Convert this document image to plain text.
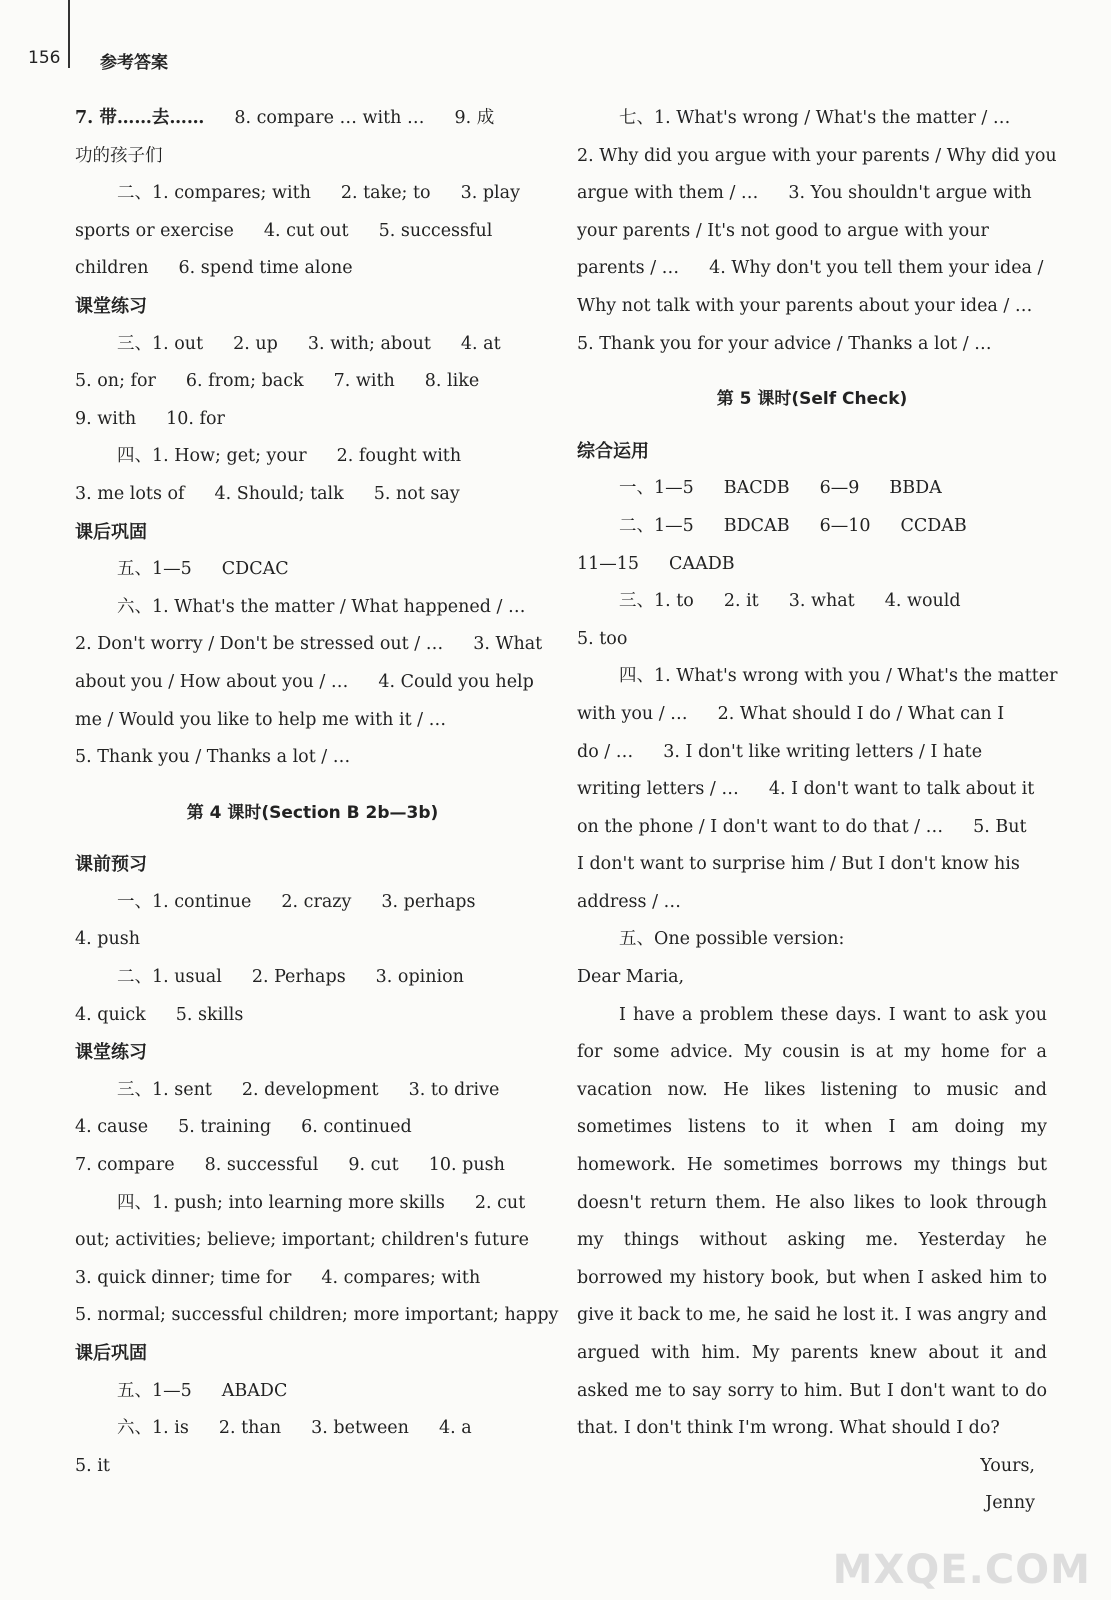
156 参考答案
7. 带……去…… 8. compare … with … 9. 成
功的孩子们
二、1. compares; with 2. take; to 3. play
sports or exercise 4. cut out 5. successful
children 6. spend time alone
课堂练习
三、1. out 2. up 3. with; about 4. at
5. on; for 6. from; back 7. with 8. like
9. with 10. for
四、1. How; get; your 2. fought with
3. me lots of 4. Should; talk 5. not say
课后巩固
五、1—5 CDCAC
六、1. What's the matter / What happened / …
2. Don't worry / Don't be stressed out / … 3. What
about you / How about you / … 4. Could you help
me / Would you like to help me with it / …
5. Thank you / Thanks a lot / …
第 4 课时(Section B 2b—3b)
课前预习
一、1. continue 2. crazy 3. perhaps
4. push
二、1. usual 2. Perhaps 3. opinion
4. quick 5. skills
课堂练习
三、1. sent 2. development 3. to drive
4. cause 5. training 6. continued
7. compare 8. successful 9. cut 10. push
四、1. push; into learning more skills 2. cut
out; activities; believe; important; children's future
3. quick dinner; time for 4. compares; with
5. normal; successful children; more important; happy
课后巩固
五、1—5 ABADC
六、1. is 2. than 3. between 4. a
5. it
七、1. What's wrong / What's the matter / …
2. Why did you argue with your parents / Why did you
argue with them / … 3. You shouldn't argue with
your parents / It's not good to argue with your
parents / … 4. Why don't you tell them your idea /
Why not talk with your parents about your idea / …
5. Thank you for your advice / Thanks a lot / …
第 5 课时(Self Check)
综合运用
一、1—5 BACDB 6—9 BBDA
二、1—5 BDCAB 6—10 CCDAB
11—15 CAADB
三、1. to 2. it 3. what 4. would
5. too
四、1. What's wrong with you / What's the matter
with you / … 2. What should I do / What can I
do / … 3. I don't like writing letters / I hate
writing letters / … 4. I don't want to talk about it
on the phone / I don't want to do that / … 5. But
I don't want to surprise him / But I don't know his
address / …
五、One possible version:
Dear Maria,
I have a problem these days. I want to ask you for some advice. My cousin is at my home for a vacation now. He likes listening to music and sometimes listens to it when I am doing my homework. He sometimes borrows my things but doesn't return them. He also likes to look through my things without asking me. Yesterday he borrowed my history book, but when I asked him to give it back to me, he said he lost it. I was angry and argued with him. My parents knew about it and asked me to say sorry to him. But I don't want to do that. I don't think I'm wrong. What should I do?
Yours,
Jenny
MXQE.COM
